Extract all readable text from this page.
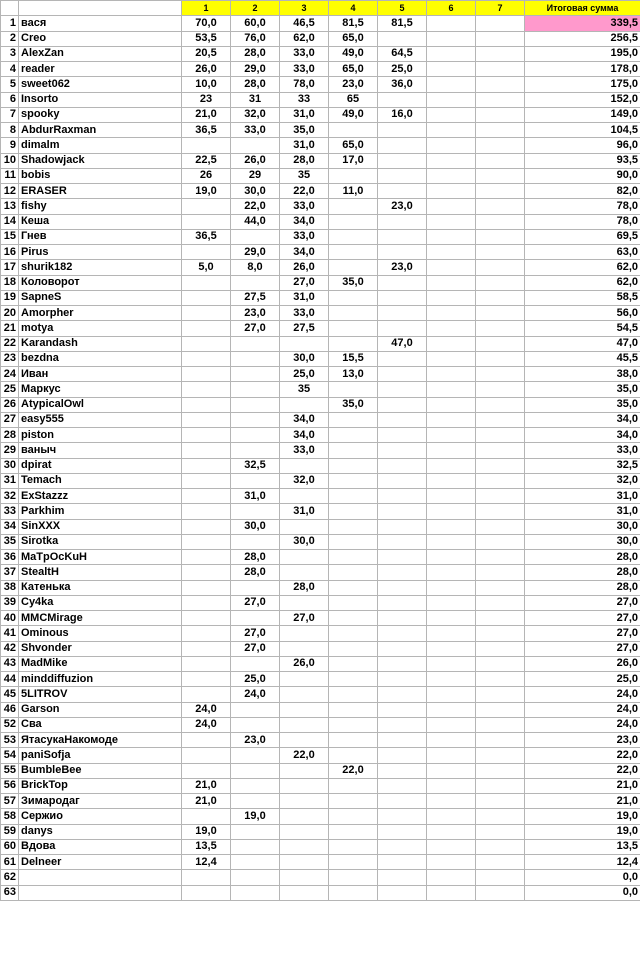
		1	2	3	4	5	6	7	Итоговая сумма
1	вася	70,0	60,0	46,5	81,5	81,5			339,5
2	Creo	53,5	76,0	62,0	65,0				256,5
3	AlexZan	20,5	28,0	33,0	49,0	64,5			195,0
4	reader	26,0	29,0	33,0	65,0	25,0			178,0
5	sweet062	10,0	28,0	78,0	23,0	36,0			175,0
6	Insorto	23	31	33	65				152,0
7	spooky	21,0	32,0	31,0	49,0	16,0			149,0
8	AbdurRaxman	36,5	33,0	35,0					104,5
9	dimalm			31,0	65,0				96,0
10	Shadowjack	22,5	26,0	28,0	17,0				93,5
11	bobis	26	29	35					90,0
12	ERASER	19,0	30,0	22,0	11,0				82,0
13	fishy		22,0	33,0		23,0			78,0
14	Кеша		44,0	34,0					78,0
15	Гнев	36,5		33,0					69,5
16	Pirus		29,0	34,0					63,0
17	shurik182	5,0	8,0	26,0		23,0			62,0
18	Коловорот			27,0	35,0				62,0
19	SapneS		27,5	31,0					58,5
20	Amorpher		23,0	33,0					56,0
21	motya		27,0	27,5					54,5
22	Karandash					47,0			47,0
23	bezdna			30,0	15,5				45,5
24	Иван			25,0	13,0				38,0
25	Маркус			35					35,0
26	AtypicalOwl				35,0				35,0
27	easy555			34,0					34,0
28	piston			34,0					34,0
29	ваныч			33,0					33,0
30	dpirat		32,5						32,5
31	Temach			32,0					32,0
32	ExStazzz		31,0						31,0
33	Parkhim			31,0					31,0
34	SinXXX		30,0						30,0
35	Sirotka			30,0					30,0
36	MaTpOcKuH		28,0						28,0
37	StealtH		28,0						28,0
38	Катенька			28,0					28,0
39	Cy4ka		27,0						27,0
40	MMCMirage			27,0					27,0
41	Ominous		27,0						27,0
42	Shvonder		27,0						27,0
43	MadMike			26,0					26,0
44	minddiffuzion		25,0						25,0
45	5LITROV		24,0						24,0
46	Garson	24,0							24,0
52	Сва	24,0							24,0
53	ЯтасукаНакомоде		23,0						23,0
54	paniSofja			22,0					22,0
55	BumbleBee				22,0				22,0
56	BrickTop	21,0							21,0
57	Зимародаг	21,0							21,0
58	Сержио		19,0						19,0
59	danys	19,0							19,0
60	Вдова	13,5							13,5
61	Delneer	12,4							12,4
62									0,0
63									0,0
